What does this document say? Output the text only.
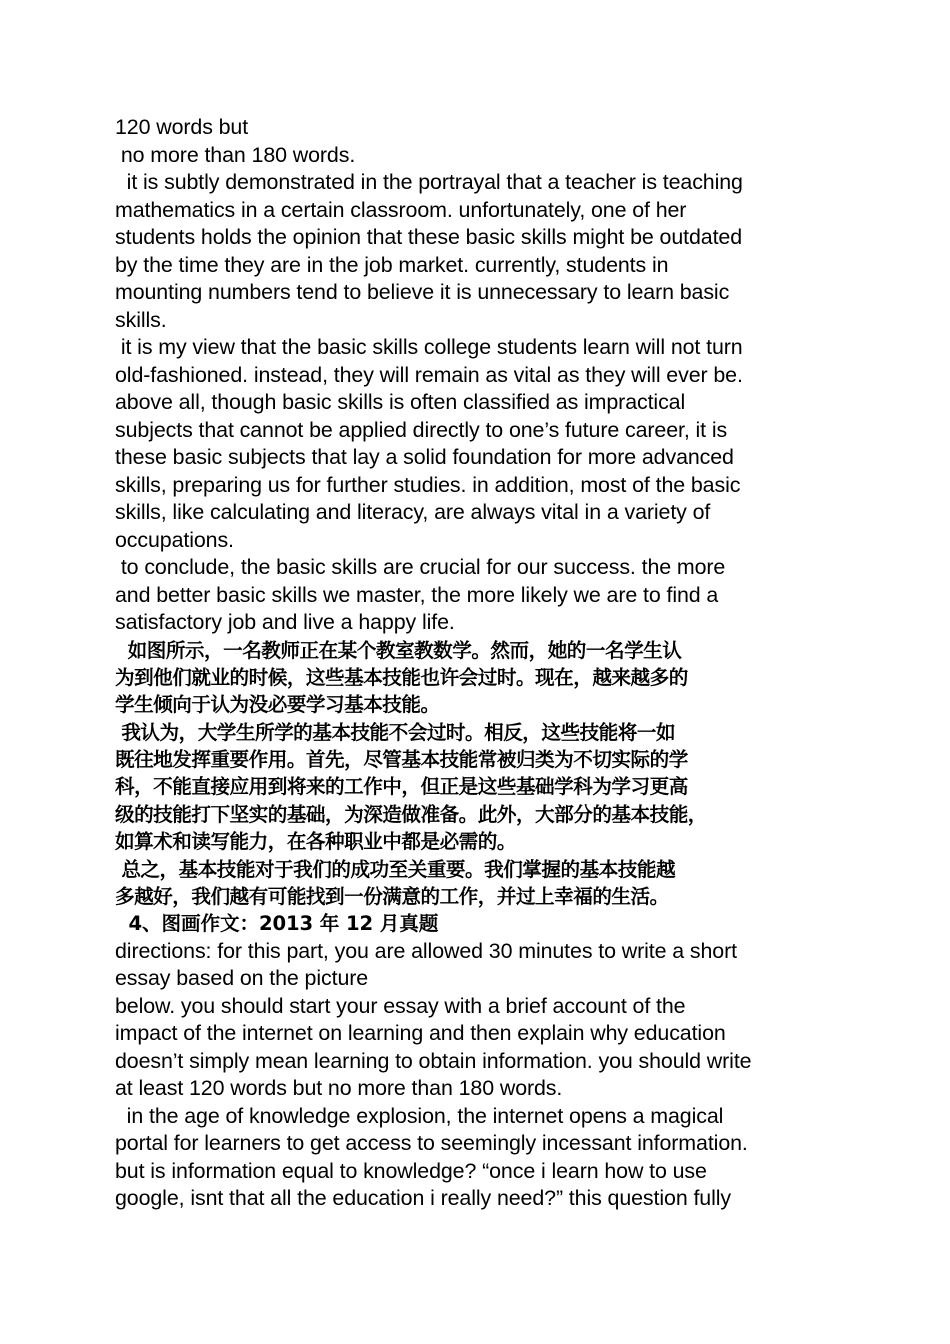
120 words but
no more than 180 words.
it is subtly demonstrated in the portrayal that a teacher is teaching
mathematics in a certain classroom. unfortunately, one of her
students holds the opinion that these basic skills might be outdated
by the time they are in the job market. currently, students in
mounting numbers tend to believe it is unnecessary to learn basic
skills.
it is my view that the basic skills college students learn will not turn
old-fashioned. instead, they will remain as vital as they will ever be.
above all, though basic skills is often classified as impractical
subjects that cannot be applied directly to one’s future career, it is
these basic subjects that lay a solid foundation for more advanced
skills, preparing us for further studies. in addition, most of the basic
skills, like calculating and literacy, are always vital in a variety of
occupations.
to conclude, the basic skills are crucial for our success. the more
and better basic skills we master, the more likely we are to find a
satisfactory job and live a happy life.
如图所示，一名教师正在某个教室教数学。然而，她的一名学生认
为到他们就业的时候，这些基本技能也许会过时。现在，越来越多的
学生倾向于认为没必要学习基本技能。
我认为，大学生所学的基本技能不会过时。相反，这些技能将一如
既往地发挥重要作用。首先，尽管基本技能常被归类为不切实际的学
科，不能直接应用到将来的工作中，但正是这些基础学科为学习更高
级的技能打下坚实的基础，为深造做准备。此外，大部分的基本技能，
如算术和读写能力，在各种职业中都是必需的。
总之，基本技能对于我们的成功至关重要。我们掌握的基本技能越
多越好，我们越有可能找到一份满意的工作，并过上幸福的生活。
4、图画作文：2013 年 12 月真题
directions: for this part, you are allowed 30 minutes to write a short
essay based on the picture
below. you should start your essay with a brief account of the
impact of the internet on learning and then explain why education
doesn’t simply mean learning to obtain information. you should write
at least 120 words but no more than 180 words.
in the age of knowledge explosion, the internet opens a magical
portal for learners to get access to seemingly incessant information.
but is information equal to knowledge? “once i learn how to use
google, isnt that all the education i really need?” this question fully
